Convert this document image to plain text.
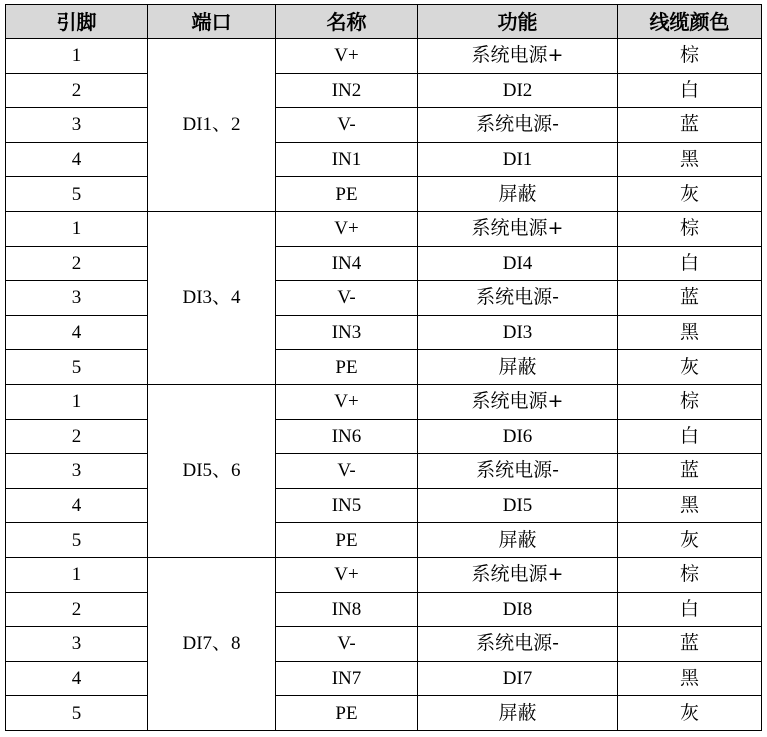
引脚	端口	名称	功能	线缆颜色
1	DI1、2	V+	系统电源+	棕
2		IN2	DI2	白
3		V-	系统电源-	蓝
4		IN1	DI1	黑
5		PE	屏蔽	灰
1	DI3、4	V+	系统电源+	棕
2		IN4	DI4	白
3		V-	系统电源-	蓝
4		IN3	DI3	黑
5		PE	屏蔽	灰
1	DI5、6	V+	系统电源+	棕
2		IN6	DI6	白
3		V-	系统电源-	蓝
4		IN5	DI5	黑
5		PE	屏蔽	灰
1	DI7、8	V+	系统电源+	棕
2		IN8	DI8	白
3		V-	系统电源-	蓝
4		IN7	DI7	黑
5		PE	屏蔽	灰
